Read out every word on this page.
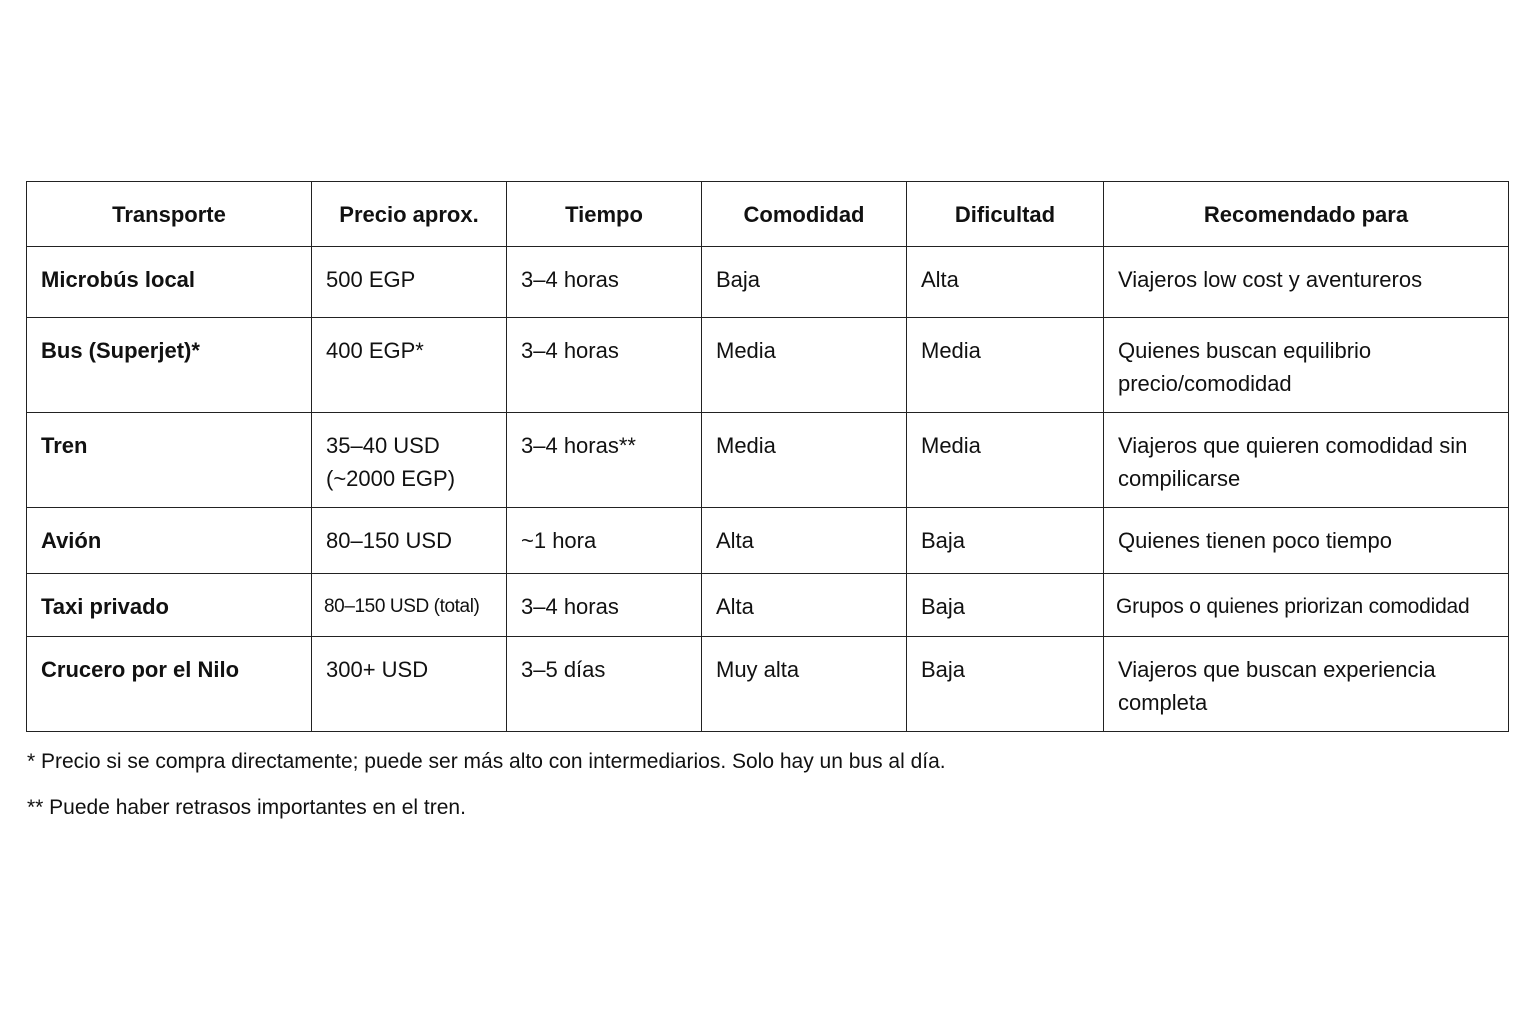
Transporte	Precio aprox.	Tiempo	Comodidad	Dificultad	Recomendado para
Microbús local	500 EGP	3–4 horas	Baja	Alta	Viajeros low cost y aventureros
Bus (Superjet)*	400 EGP*	3–4 horas	Media	Media	Quienes buscan equilibrio precio/comodidad
Tren	35–40 USD (~2000 EGP)	3–4 horas**	Media	Media	Viajeros que quieren comodidad sin compilicarse
Avión	80–150 USD	~1 hora	Alta	Baja	Quienes tienen poco tiempo
Taxi privado	80–150 USD (total)	3–4 horas	Alta	Baja	Grupos o quienes priorizan comodidad
Crucero por el Nilo	300+ USD	3–5 días	Muy alta	Baja	Viajeros que buscan experiencia completa

* Precio si se compra directamente; puede ser más alto con intermediarios. Solo hay un bus al día.

** Puede haber retrasos importantes en el tren.
